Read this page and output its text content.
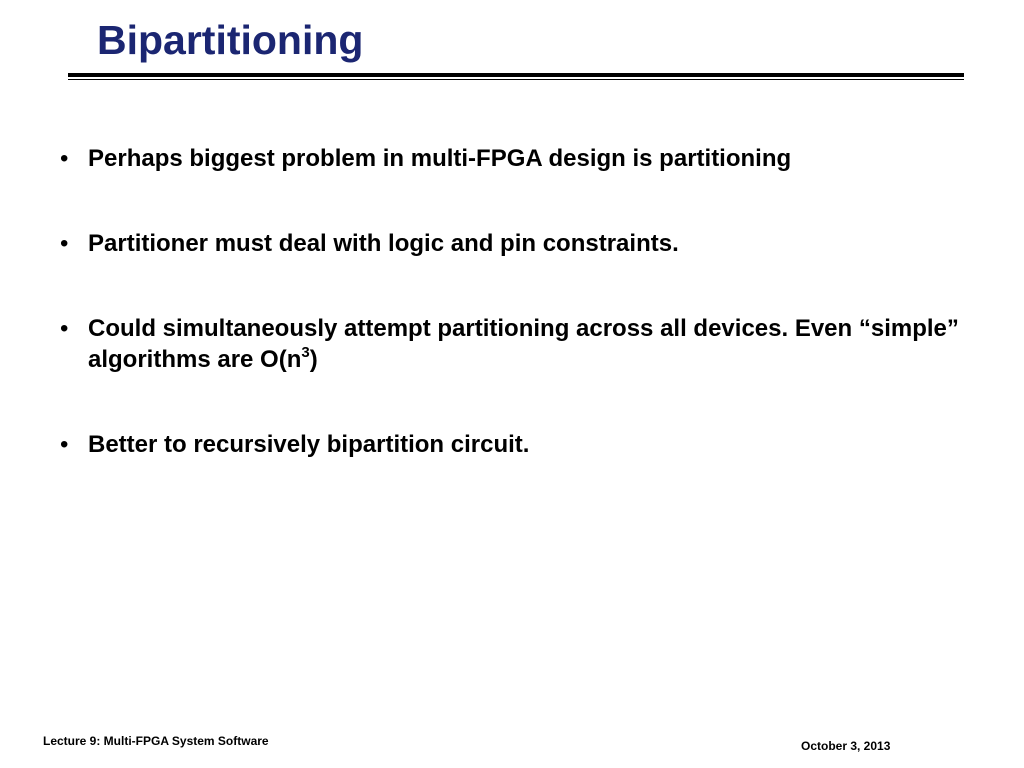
Bipartitioning
• Perhaps biggest problem in multi-FPGA design is partitioning
• Partitioner must deal with logic and pin constraints.
• Could simultaneously attempt partitioning across all devices. Even “simple” algorithms are $O(n^3)$
• Better to recursively bipartition circuit.
Lecture 9: Multi-FPGA System Software	October 3, 2013
